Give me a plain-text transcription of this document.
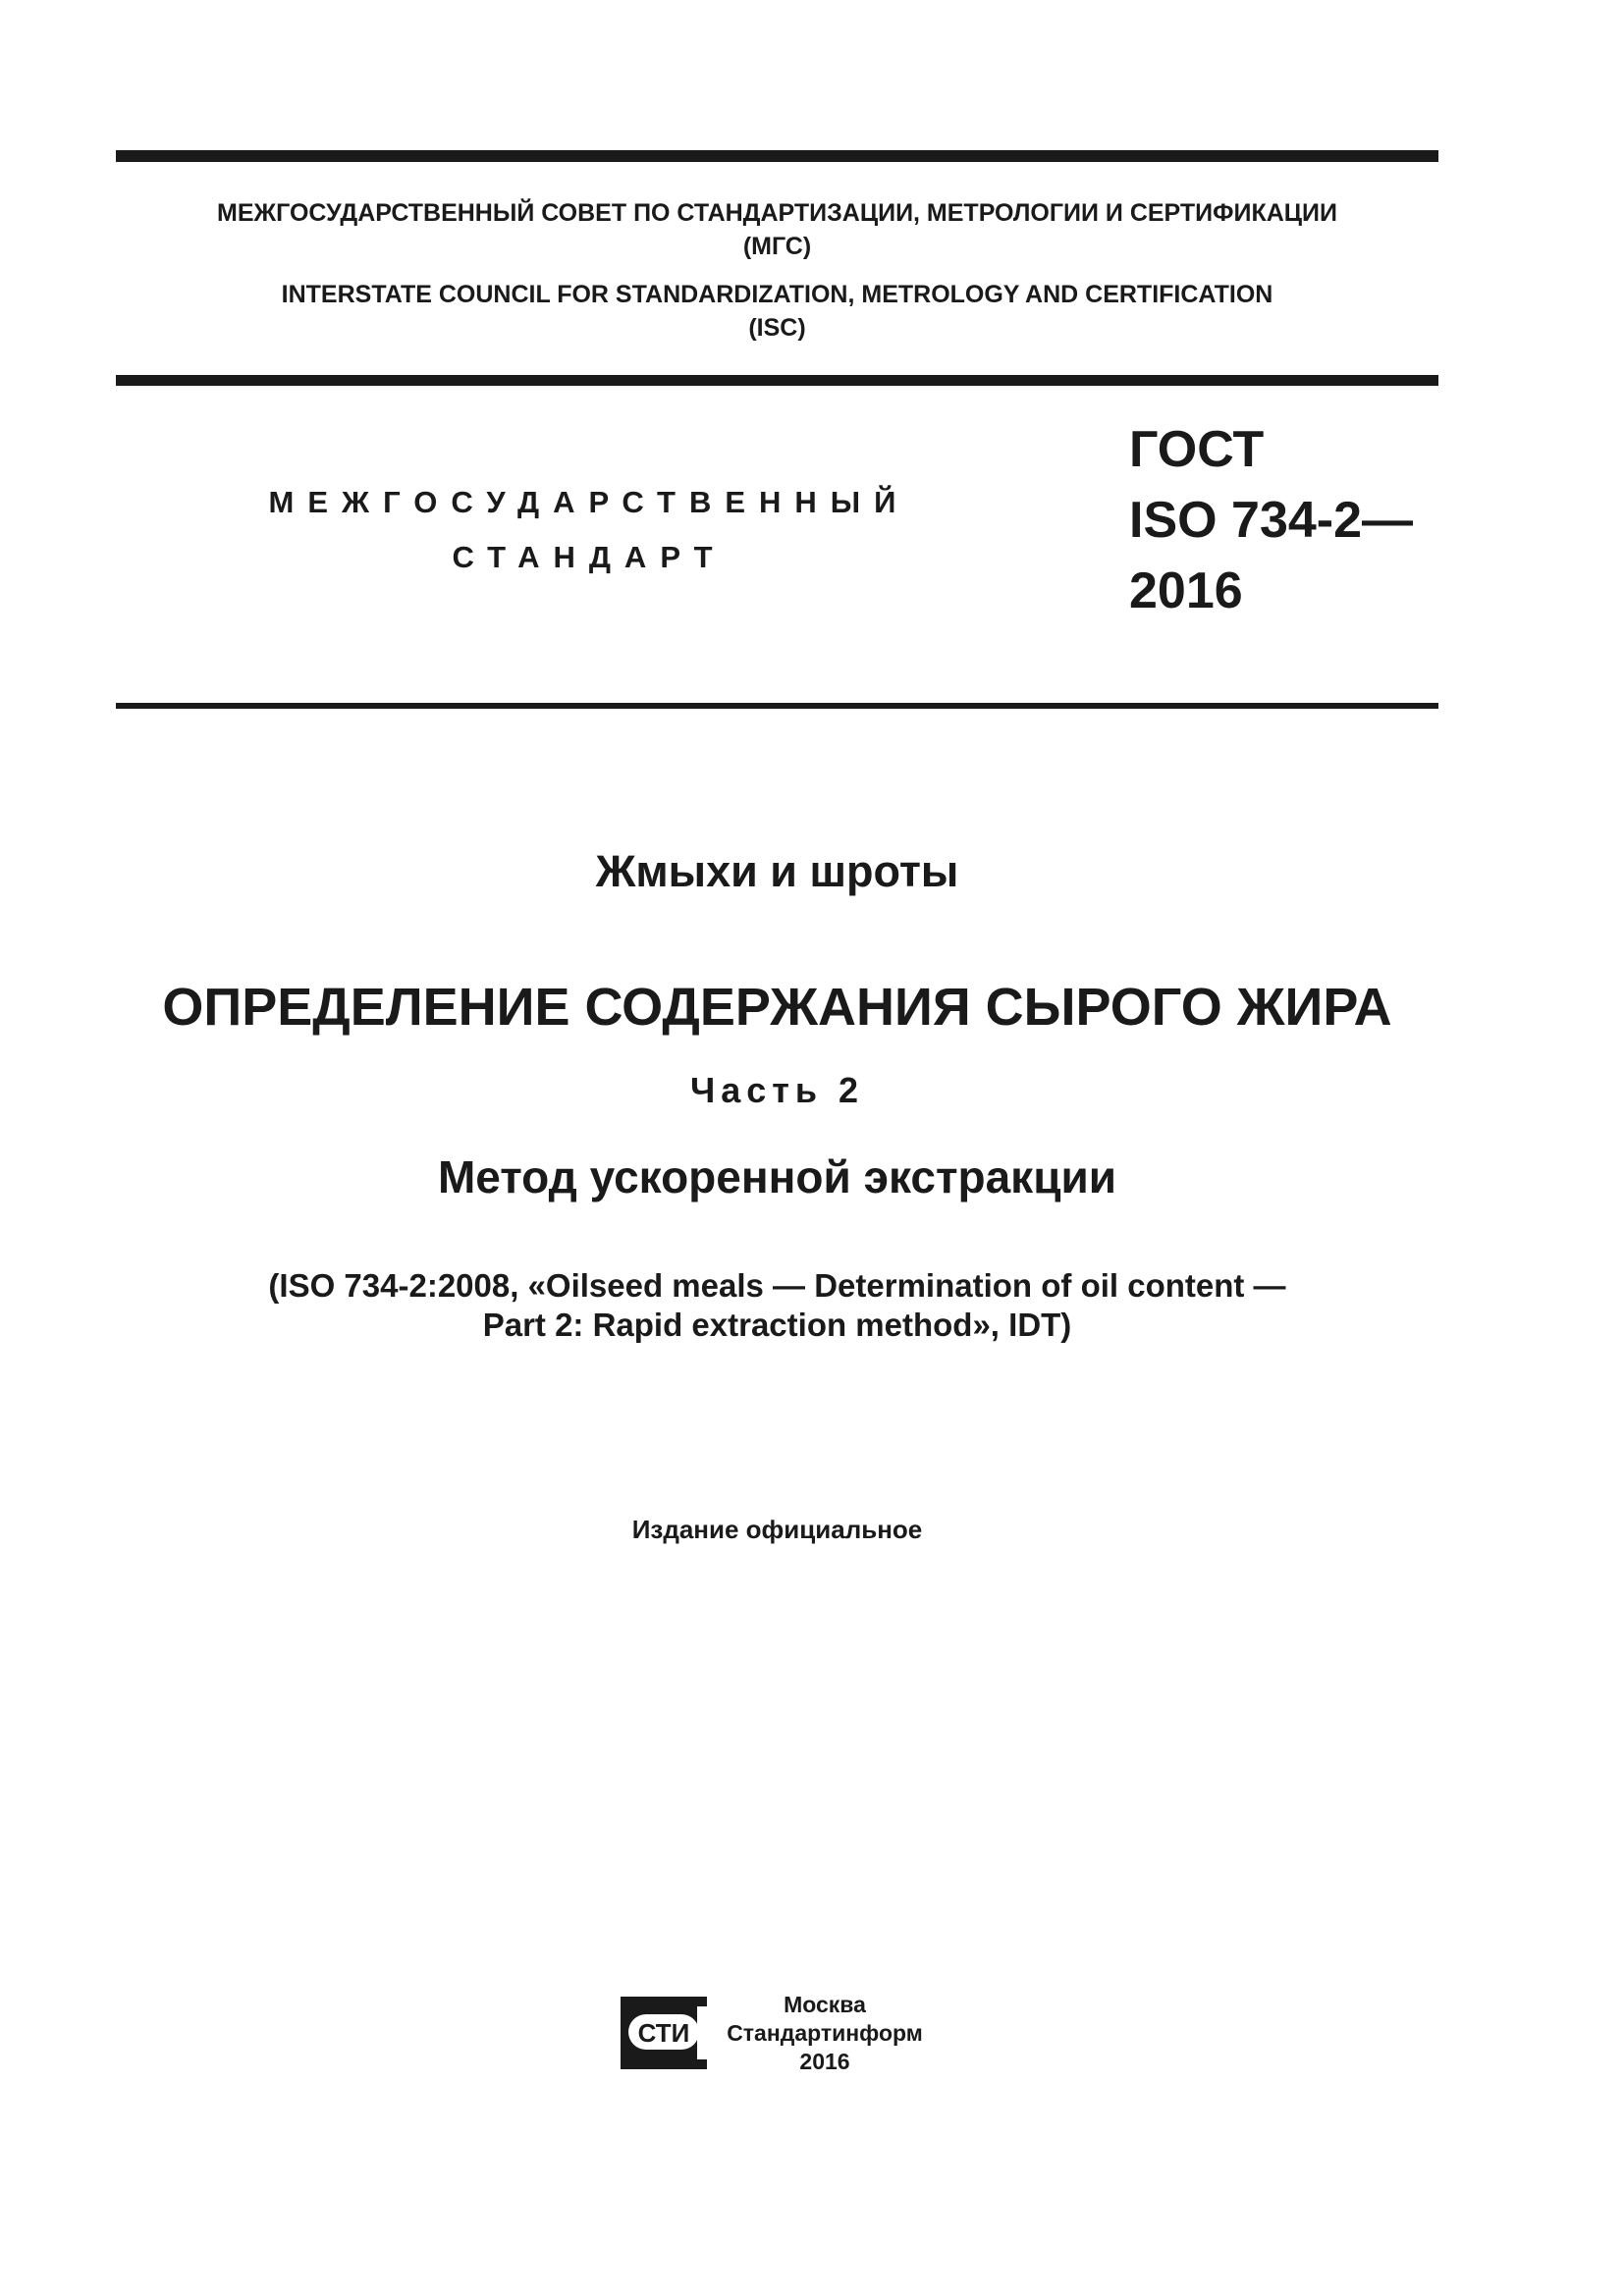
МЕЖГОСУДАРСТВЕННЫЙ СОВЕТ ПО СТАНДАРТИЗАЦИИ, МЕТРОЛОГИИ И СЕРТИФИКАЦИИ
(МГС)
INTERSTATE COUNCIL FOR STANDARDIZATION, METROLOGY AND CERTIFICATION
(ISC)
МЕЖГОСУДАРСТВЕННЫЙ
СТАНДАРТ
ГОСТ
ISO 734-2—
2016
Жмыхи и шроты
ОПРЕДЕЛЕНИЕ СОДЕРЖАНИЯ СЫРОГО ЖИРА
Часть 2
Метод ускоренной экстракции
(ISO 734-2:2008, «Oilseed meals — Determination of oil content —
Part 2: Rapid extraction method», IDT)
Издание официальное
СТИ
Москва
Стандартинформ
2016
